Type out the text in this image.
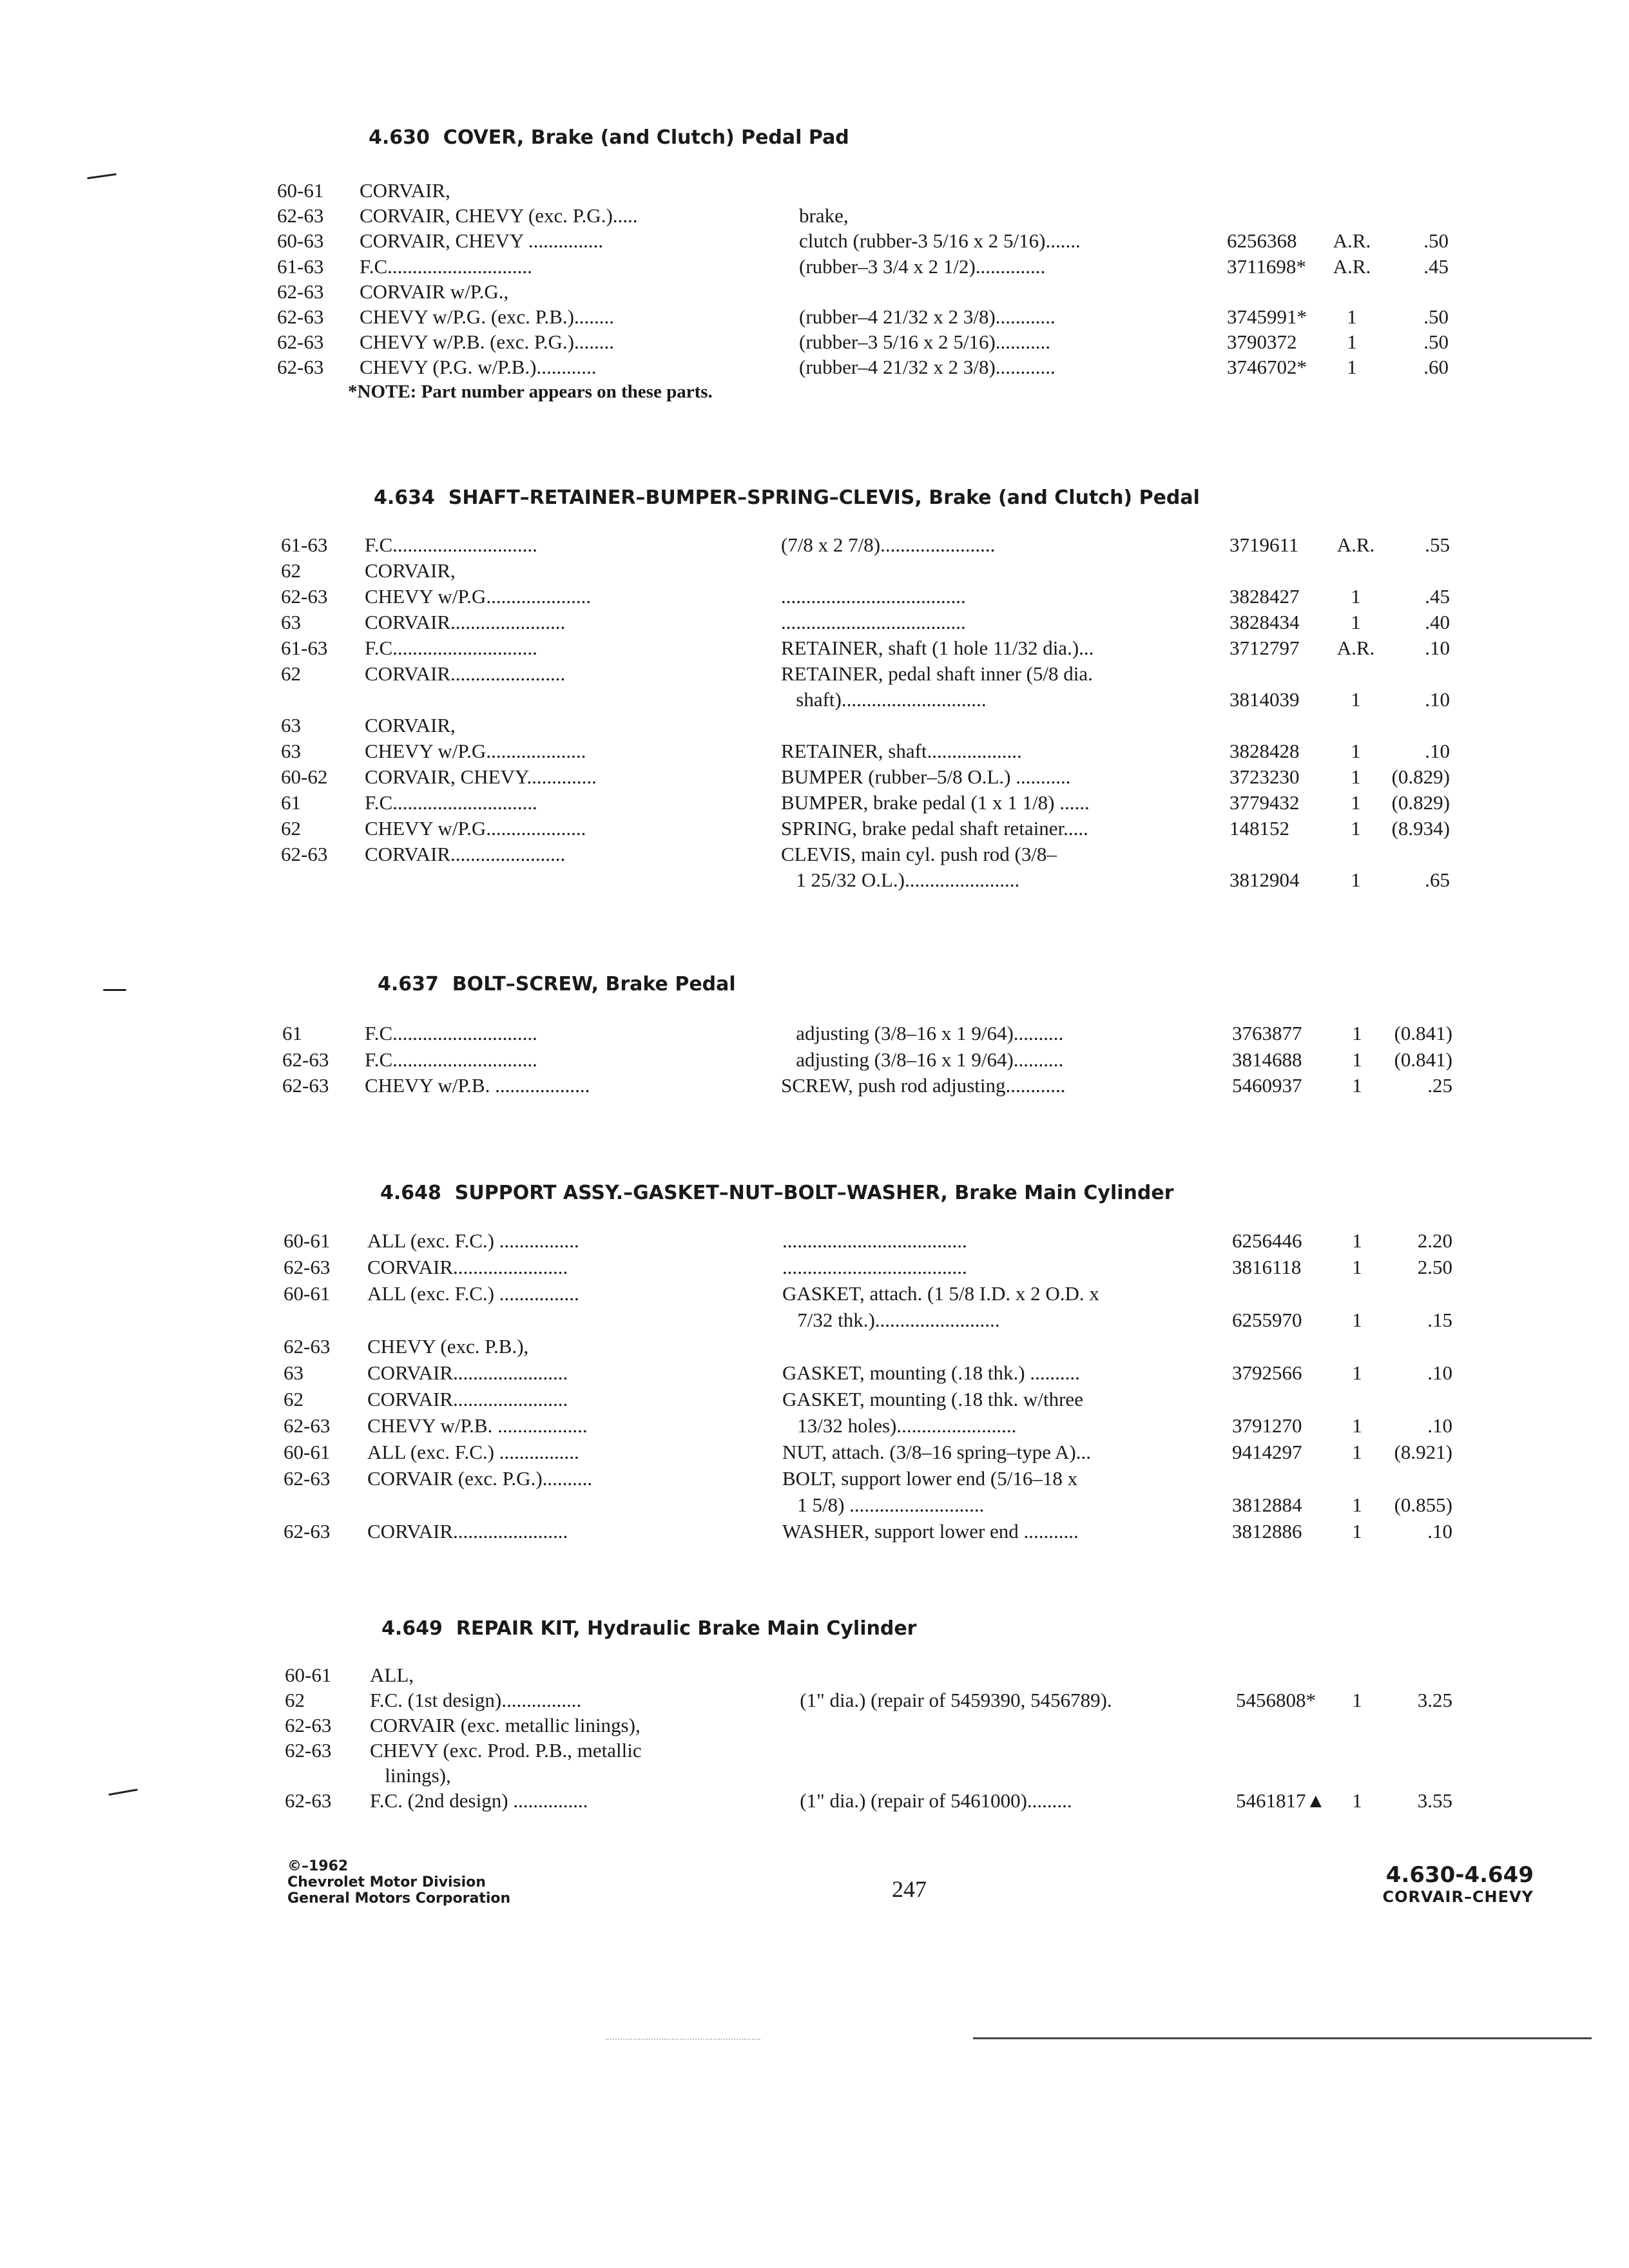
4.630 COVER, Brake (and Clutch) Pedal Pad
4.634 SHAFT–RETAINER–BUMPER–SPRING–CLEVIS, Brake (and Clutch) Pedal
4.637 BOLT–SCREW, Brake Pedal
4.648 SUPPORT ASSY.–GASKET–NUT–BOLT–WASHER, Brake Main Cylinder
4.649 REPAIR KIT, Hydraulic Brake Main Cylinder
60-61	CORVAIR,
62-63	CORVAIR, CHEVY (exc. P.G.).....	brake,
60-63	CORVAIR, CHEVY ...............	clutch (rubber-3 5/16 x 2 5/16).......	6256368	A.R.	.50
61-63	F.C.............................	(rubber–3 3/4 x 2 1/2)..............	3711698*	A.R.	.45
62-63	CORVAIR w/P.G.,
62-63	CHEVY w/P.G. (exc. P.B.)........	(rubber–4 21/32 x 2 3/8)............	3745991*	1	.50
62-63	CHEVY w/P.B. (exc. P.G.)........	(rubber–3 5/16 x 2 5/16)...........	3790372	1	.50
62-63	CHEVY (P.G. w/P.B.)............	(rubber–4 21/32 x 2 3/8)............	3746702*	1	.60
61-63	F.C.............................	(7/8 x 2 7/8).......................	3719611	A.R.	.55
62	CORVAIR,
62-63	CHEVY w/P.G.....................	.....................................	3828427	1	.45
63	CORVAIR.......................	.....................................	3828434	1	.40
61-63	F.C.............................	RETAINER, shaft (1 hole 11/32 dia.)...	3712797	A.R.	.10
62	CORVAIR.......................	RETAINER, pedal shaft inner (5/8 dia.
shaft).............................	3814039	1	.10
63	CORVAIR,
63	CHEVY w/P.G....................	RETAINER, shaft...................	3828428	1	.10
60-62	CORVAIR, CHEVY..............	BUMPER (rubber–5/8 O.L.) ...........	3723230	1	(0.829)
61	F.C.............................	BUMPER, brake pedal (1 x 1 1/8) ......	3779432	1	(0.829)
62	CHEVY w/P.G....................	SPRING, brake pedal shaft retainer.....	148152	1	(8.934)
62-63	CORVAIR.......................	CLEVIS, main cyl. push rod (3/8–
1 25/32 O.L.).......................	3812904	1	.65
61	F.C.............................	adjusting (3/8–16 x 1 9/64)..........	3763877	1	(0.841)
62-63	F.C.............................	adjusting (3/8–16 x 1 9/64)..........	3814688	1	(0.841)
62-63	CHEVY w/P.B. ...................	SCREW, push rod adjusting............	5460937	1	.25
60-61	ALL (exc. F.C.) ................	.....................................	6256446	1	2.20
62-63	CORVAIR.......................	.....................................	3816118	1	2.50
60-61	ALL (exc. F.C.) ................	GASKET, attach. (1 5/8 I.D. x 2 O.D. x
7/32 thk.).........................	6255970	1	.15
62-63	CHEVY (exc. P.B.),
63	CORVAIR.......................	GASKET, mounting (.18 thk.) ..........	3792566	1	.10
62	CORVAIR.......................	GASKET, mounting (.18 thk. w/three
62-63	CHEVY w/P.B. ..................	13/32 holes)........................	3791270	1	.10
60-61	ALL (exc. F.C.) ................	NUT, attach. (3/8–16 spring–type A)...	9414297	1	(8.921)
62-63	CORVAIR (exc. P.G.)..........	BOLT, support lower end (5/16–18 x
1 5/8) ...........................	3812884	1	(0.855)
62-63	CORVAIR.......................	WASHER, support lower end ...........	3812886	1	.10
60-61	ALL,
62	F.C. (1st design)................	(1" dia.) (repair of 5459390, 5456789).	5456808*	1	3.25
62-63	CORVAIR (exc. metallic linings),
62-63	CHEVY (exc. Prod. P.B., metallic
linings),
62-63	F.C. (2nd design) ...............	(1" dia.) (repair of 5461000).........	5461817▲	1	3.55
*NOTE: Part number appears on these parts.
©–1962
Chevrolet Motor Division
General Motors Corporation	247
4.630-4.649
CORVAIR–CHEVY
